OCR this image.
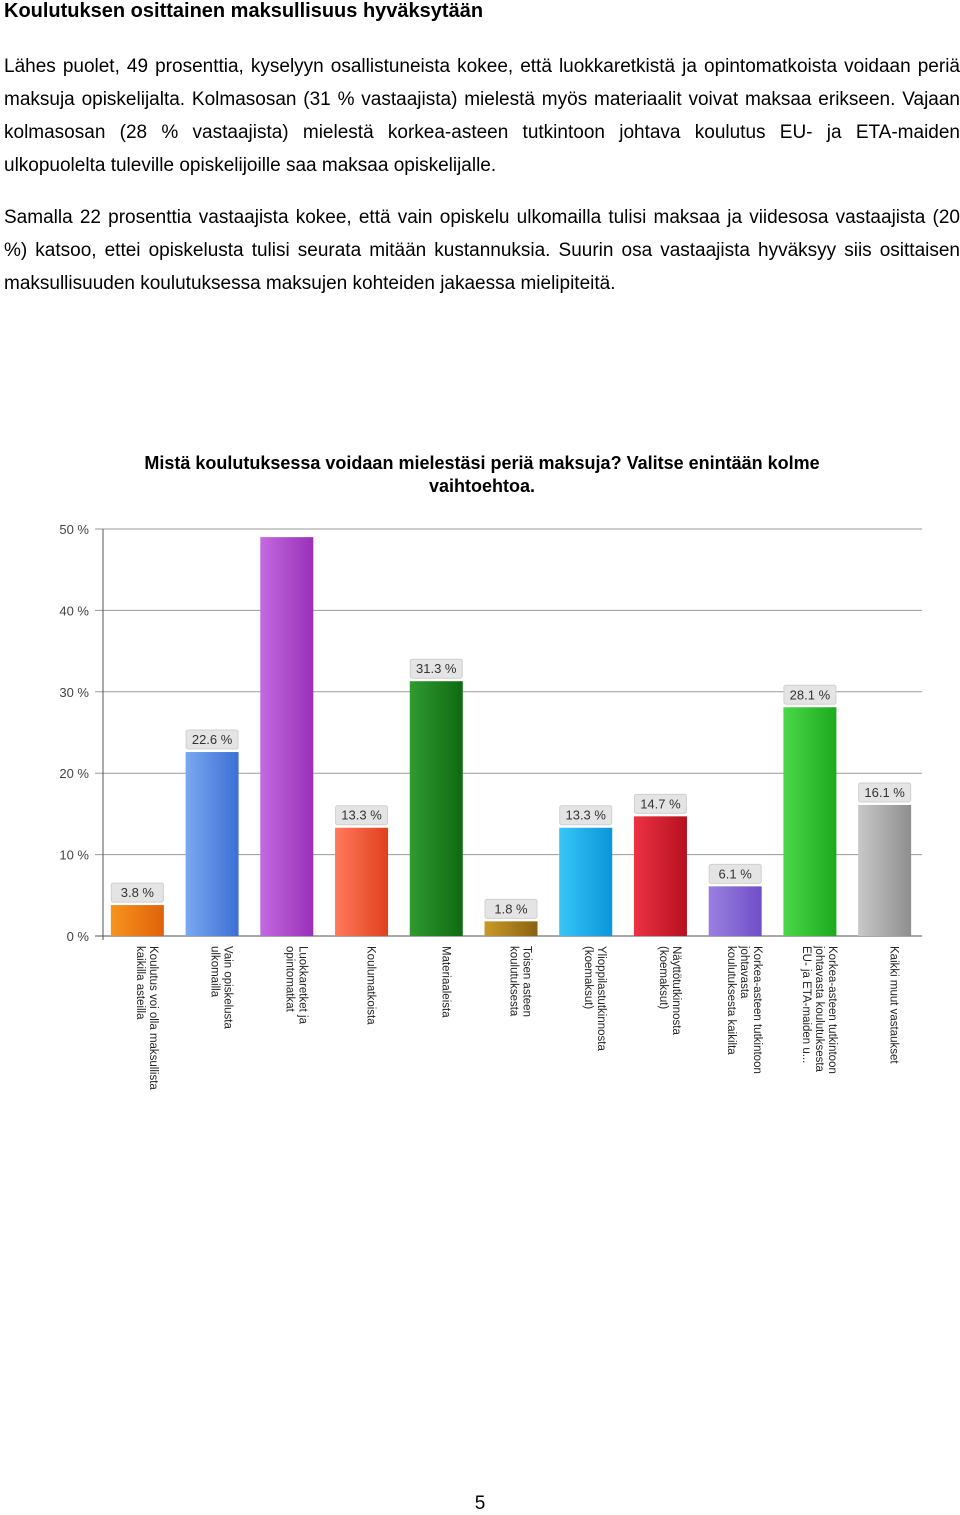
Koulutuksen osittainen maksullisuus hyväksytään
Lähes puolet, 49 prosenttia, kyselyyn osallistuneista kokee, että luokkaretkistä ja opintomatkoista voidaan periä maksuja opiskelijalta. Kolmasosan (31 % vastaajista) mielestä myös materiaalit voivat maksaa erikseen. Vajaan kolmasosan (28 % vastaajista) mielestä korkea-asteen tutkintoon johtava koulutus EU- ja ETA-maiden ulkopuolelta tuleville opiskelijoille saa maksaa opiskelijalle.
Samalla 22 prosenttia vastaajista kokee, että vain opiskelu ulkomailla tulisi maksaa ja viidesosa vastaajista (20 %) katsoo, ettei opiskelusta tulisi seurata mitään kustannuksia. Suurin osa vastaajista hyväksyy siis osittaisen maksullisuuden koulutuksessa maksujen kohteiden jakaessa mielipiteitä.
Mistä koulutuksessa voidaan mielestäsi periä maksuja? Valitse enintään kolme
vaihtoehtoa.
0 %
10 %
20 %
30 %
40 %
50 %
3.8 %
22.6 %
13.3 %
31.3 %
1.8 %
13.3 %
14.7 %
6.1 %
28.1 %
16.1 %
Koulutus voi olla maksullistakaikilla asteilla	Vain opiskelustaulkomailla	Luokkaretket jaopintomatkat	Koulumatkoista	Materiaaleista	Toisen asteenkoulutuksesta	Ylioppilastutkinnosta(koemaksut)	Näyttötutkinnosta(koemaksut)	Korkea-asteen tutkintoonjohtavastakoulutuksesta kaikilta	Korkea-asteen tutkintoonjohtavasta koulutuksestaEU- ja ETA-maiden u...	Kaikki muut vastaukset
5
